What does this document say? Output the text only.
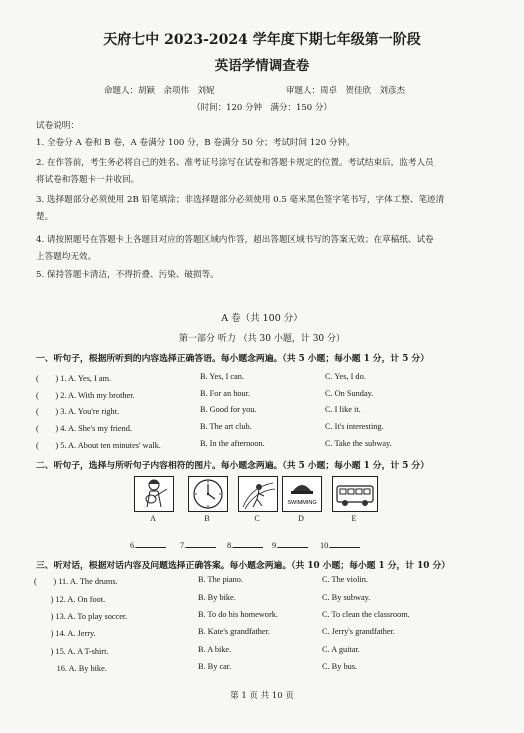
天府七中 2023-2024 学年度下期七年级第一阶段
英语学情调查卷
命题人：胡颖　余项伟　刘妮	审题人：周卓　贺佳欣　刘彦杰
（时间：120 分钟　满分：150 分）
试卷说明：
1. 全卷分 A 卷和 B 卷，A 卷满分 100 分，B 卷满分 50 分；考试时间 120 分钟。
2. 在作答前，考生务必将自己的姓名、准考证号涂写在试卷和答题卡规定的位置。考试结束后，监考人员
将试卷和答题卡一并收回。
3. 选择题部分必须使用 2B 铅笔填涂；非选择题部分必须使用 0.5 毫米黑色签字笔书写，字体工整、笔迹清
楚。
4. 请按照题号在答题卡上各题目对应的答题区域内作答，超出答题区域书写的答案无效；在草稿纸、试卷
上答题均无效。
5. 保持答题卡清洁，不得折叠、污染、破损等。
A 卷（共 100 分）
第一部分 听力 （共 30 小题，计 30 分）
一、听句子，根据所听到的内容选择正确答语。每小题念两遍。（共 5 小题；每小题 1 分，计 5 分）
(　　) 1. A. Yes, I am.	B. Yes, I can.	C. Yes, I do.
(　　) 2. A. With my brother.	B. For an hour.	C. On Sunday.
(　　) 3. A. You're right.	B. Good for you.	C. I like it.
(　　) 4. A. She's my friend.	B. The art club.	C. It's interesting.
(　　) 5. A. About ten minutes' walk.	B. In the afternoon.	C. Take the subway.
二、听句子，选择与所听句子内容相符的图片。每小题念两遍。（共 5 小题；每小题 1 分，计 5 分）
SWIMMING
A	B	C	D	E
6.	7.	8.	9.	10.
三、听对话，根据对话内容及问题选择正确答案。每小题念两遍。（共 10 小题；每小题 1 分，计 10 分）
(　　) 11. A. The drums.	B. The piano.	C. The violin.
　　) 12. A. On foot.	B. By bike.	C. By subway.
　　) 13. A. To play soccer.	B. To do his homework.	C. To clean the classroom.
　　) 14. A. Jerry.	B. Kate's grandfather.	C. Jerry's grandfather.
　　) 15. A. A T-shirt.	B. A bike.	C. A guitar.
　　16. A. By bike.	B. By car.	C. By bus.
第 1 页 共 10 页
